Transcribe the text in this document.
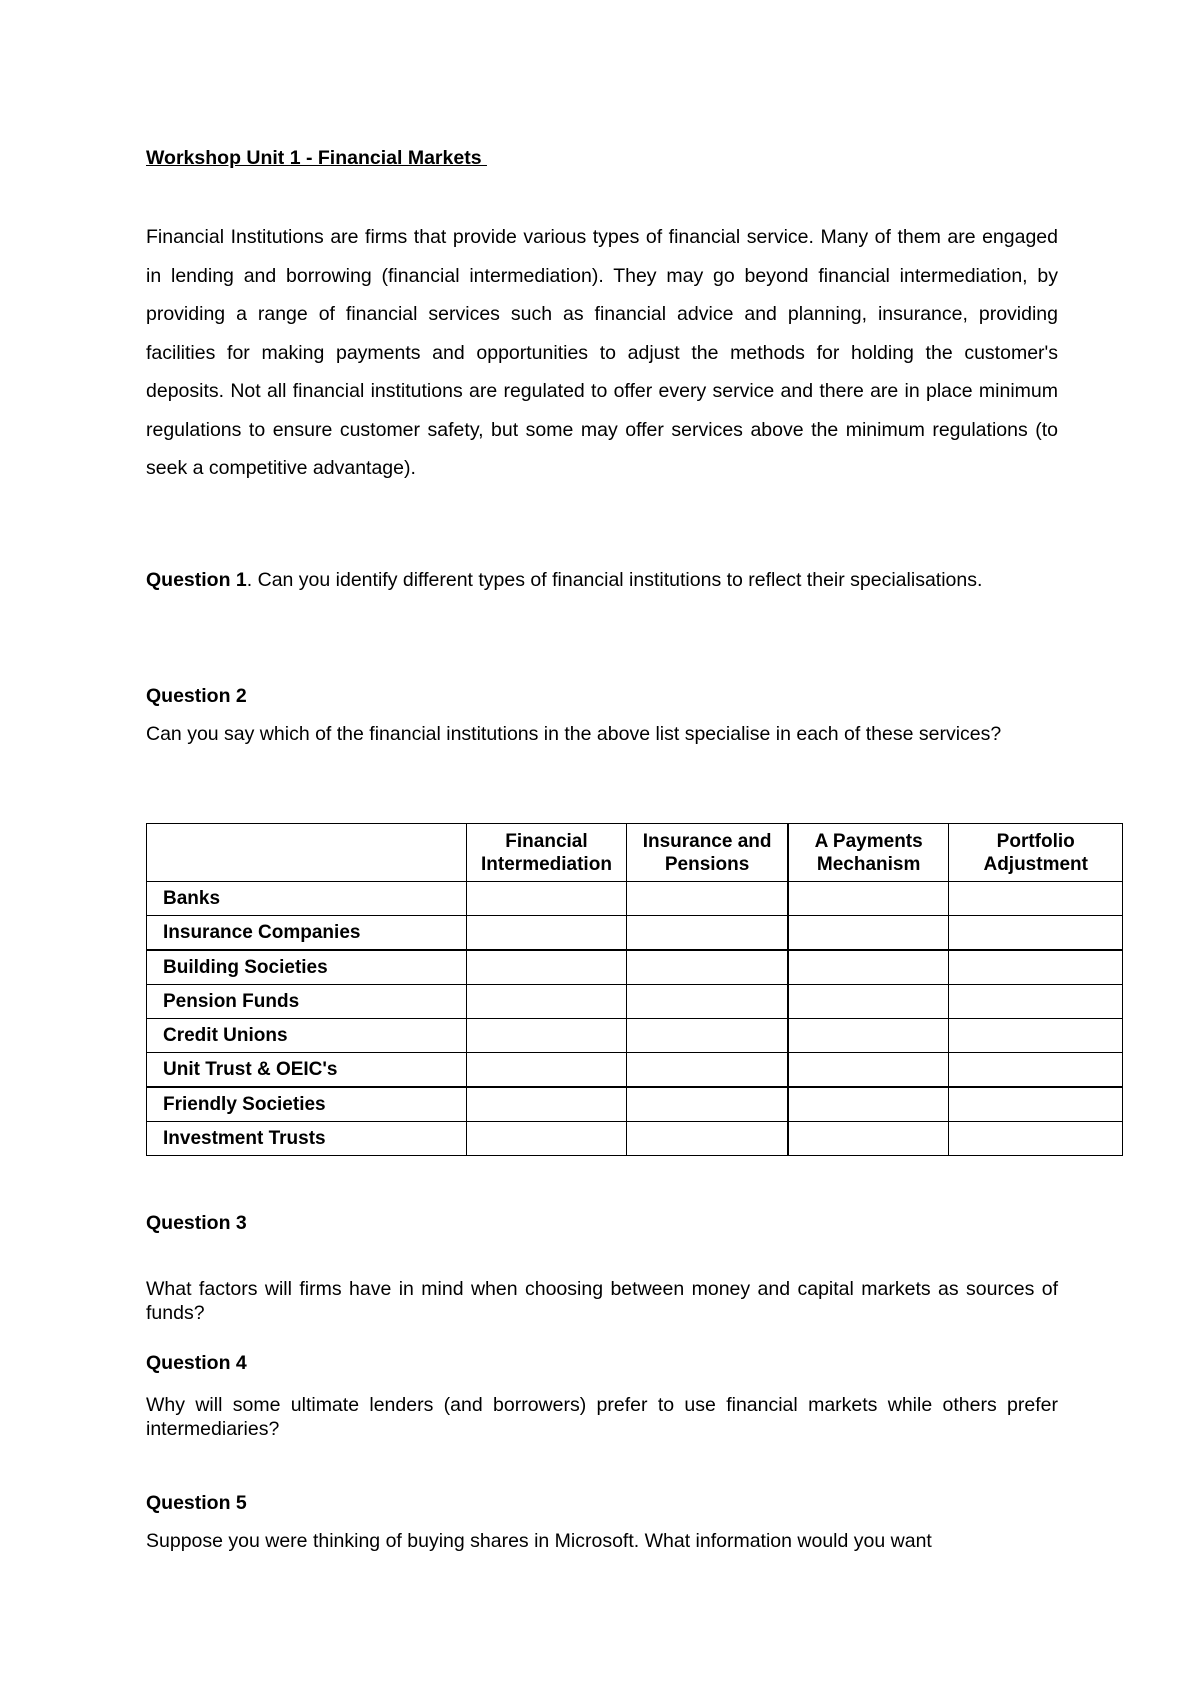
Workshop Unit 1 - Financial Markets

Financial Institutions are firms that provide various types of financial service. Many of them are engaged in lending and borrowing (financial intermediation). They may go beyond financial intermediation, by providing a range of financial services such as financial advice and planning, insurance, providing facilities for making payments and opportunities to adjust the methods for holding the customer's deposits. Not all financial institutions are regulated to offer every service and there are in place minimum regulations to ensure customer safety, but some may offer services above the minimum regulations (to seek a competitive advantage).

Question 1. Can you identify different types of financial institutions to reflect their specialisations.

Question 2

Can you say which of the financial institutions in the above list specialise in each of these services?

	Financial Intermediation	Insurance and Pensions	A Payments Mechanism	Portfolio Adjustment
Banks				
Insurance Companies				
Building Societies				
Pension Funds				
Credit Unions				
Unit Trust & OEIC's				
Friendly Societies				
Investment Trusts				

Question 3

What factors will firms have in mind when choosing between money and capital markets as sources of funds?

Question 4

Why will some ultimate lenders (and borrowers) prefer to use financial markets while others prefer intermediaries?

Question 5

Suppose you were thinking of buying shares in Microsoft. What information would you want
